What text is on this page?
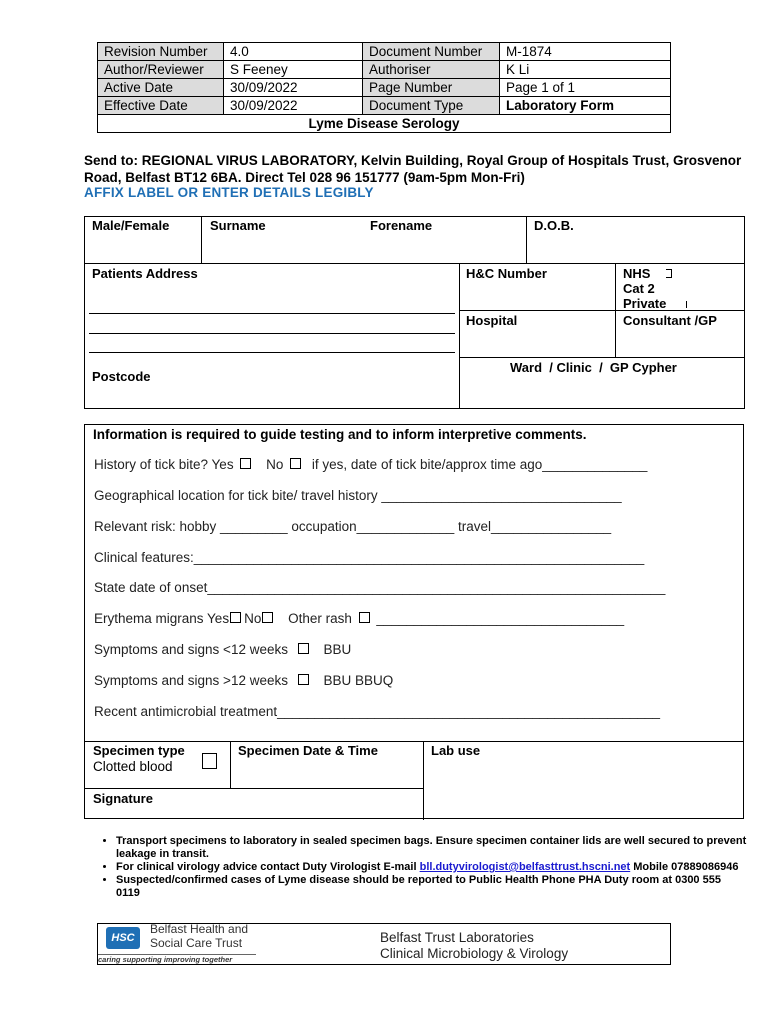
Revision Number	4.0	Document Number	M-1874
Author/Reviewer	S Feeney	Authoriser	K Li
Active Date	30/09/2022	Page Number	Page 1 of 1
Effective Date	30/09/2022	Document Type	Laboratory Form
Lyme Disease Serology			
Send to: REGIONAL VIRUS LABORATORY, Kelvin Building, Royal Group of Hospitals Trust, Grosvenor Road, Belfast BT12 6BA. Direct Tel 028 96 151777 (9am-5pm Mon-Fri)
AFFIX LABEL OR ENTER DETAILS LEGIBLY
Male/Female	Surname	Forename	D.O.B.
Patients Address
Postcode
H&C Number	NHS
Cat 2
Private
Hospital	Consultant /GP
Ward  / Clinic  /  GP Cypher
Information is required to guide testing and to inform interpretive comments.
History of tick bite? Yes No if yes, date of tick bite/approx time ago______________
Geographical location for tick bite/ travel history ________________________________
Relevant risk: hobby _________ occupation_____________ travel________________
Clinical features:____________________________________________________________
State date of onset_____________________________________________________________
Erythema migrans Yes No Other rash _________________________________
Symptoms and signs <12 weeks	BBU
Symptoms and signs >12 weeks	BBU BBUQ
Recent antimicrobial treatment___________________________________________________
Specimen type
Clotted blood
Specimen Date & Time	Lab use
Signature
• Transport specimens to laboratory in sealed specimen bags. Ensure specimen container lids are well secured to prevent leakage in transit.
• For clinical virology advice contact Duty Virologist E-mail bll.dutyvirologist@belfasttrust.hscni.net Mobile 07889086946
• Suspected/confirmed cases of Lyme disease should be reported to Public Health Phone PHA Duty room at 0300 555 0119
HSC
Belfast Health and
Social Care Trust
caring supporting improving together
Belfast Trust Laboratories
Clinical Microbiology & Virology
